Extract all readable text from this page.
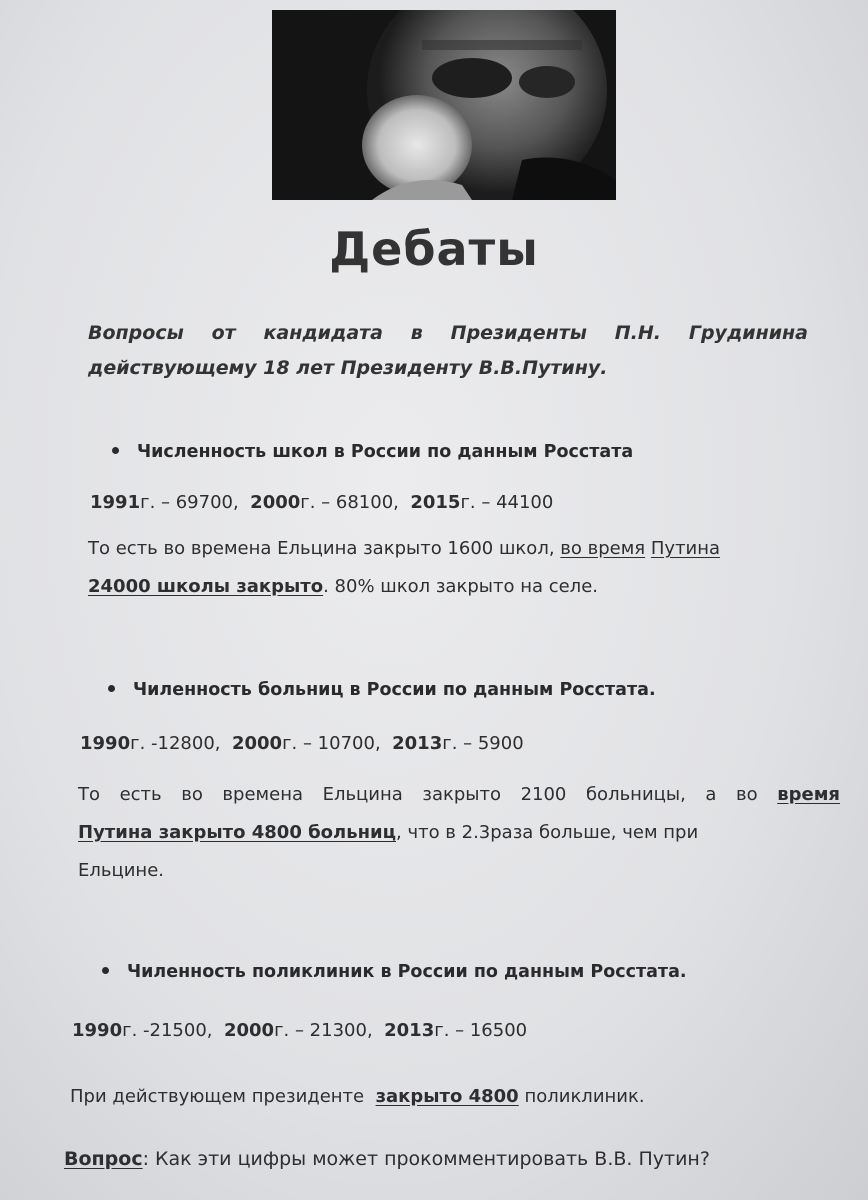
Дебаты
Вопросы от кандидата в Президенты П.Н. Грудинина действующему 18 лет Президенту В.В.Путину.
Численность школ в России по данным Росстата
1991г. – 69700, 2000г. – 68100, 2015г. – 44100
То есть во времена Ельцина закрыто 1600 школ, во время Путина
24000 школы закрыто. 80% школ закрыто на селе.
Чиленность больниц в России по данным Росстата.
1990г. -12800, 2000г. – 10700, 2013г. – 5900
То есть во времена Ельцина закрыто 2100 больницы, а во время
Путина закрыто 4800 больниц, что в 2.3раза больше, чем при
Ельцине.
Чиленность поликлиник в России по данным Росстата.
1990г. -21500, 2000г. – 21300, 2013г. – 16500
При действующем президенте закрыто 4800 поликлиник.
Вопрос: Как эти цифры может прокомментировать В.В. Путин?
